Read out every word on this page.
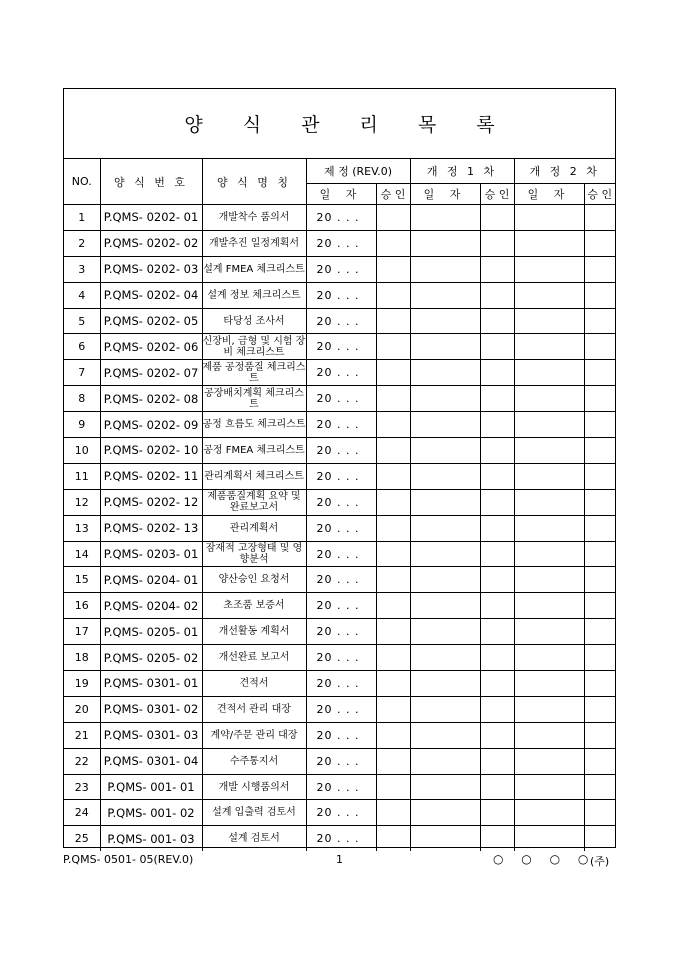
양 식 관 리 목 록
NO.	양 식 번 호	양 식 명 칭	제 정 (REV.0)		개 정 1 차		개 정 2 차	
			일 자	승 인	일 자	승 인	일 자	승 인
1	P.QMS- 0202- 01	개발착수 품의서	20 . . .					
2	P.QMS- 0202- 02	개발추진 일정계획서	20 . . .					
3	P.QMS- 0202- 03	설계 FMEA 체크리스트	20 . . .					
4	P.QMS- 0202- 04	설계 정보 체크리스트	20 . . .					
5	P.QMS- 0202- 05	타당성 조사서	20 . . .					
6	P.QMS- 0202- 06	신장비, 금형 및 시험 장비 체크리스트	20 . . .					
7	P.QMS- 0202- 07	제품 공정품질 체크리스트	20 . . .					
8	P.QMS- 0202- 08	공장배치계획 체크리스트	20 . . .					
9	P.QMS- 0202- 09	공정 흐름도 체크리스트	20 . . .					
10	P.QMS- 0202- 10	공정 FMEA 체크리스트	20 . . .					
11	P.QMS- 0202- 11	관리계획서 체크리스트	20 . . .					
12	P.QMS- 0202- 12	제품품질계획 요약 및 완료보고서	20 . . .					
13	P.QMS- 0202- 13	관리계획서	20 . . .					
14	P.QMS- 0203- 01	잠재적 고장형태 및 영향분석	20 . . .					
15	P.QMS- 0204- 01	양산승인 요청서	20 . . .					
16	P.QMS- 0204- 02	초조품 보증서	20 . . .					
17	P.QMS- 0205- 01	개선활동 계획서	20 . . .					
18	P.QMS- 0205- 02	개선완료 보고서	20 . . .					
19	P.QMS- 0301- 01	견적서	20 . . .					
20	P.QMS- 0301- 02	견적서 관리 대장	20 . . .					
21	P.QMS- 0301- 03	계약/주문 관리 대장	20 . . .					
22	P.QMS- 0301- 04	수주통지서	20 . . .					
23	P.QMS- 001- 01	개발 시행품의서	20 . . .					
24	P.QMS- 001- 02	설계 입출력 검토서	20 . . .					
25	P.QMS- 001- 03	설계 검토서	20 . . .					
P.QMS- 0501- 05(REV.0)	1	○ ○ ○ ○
(주)
